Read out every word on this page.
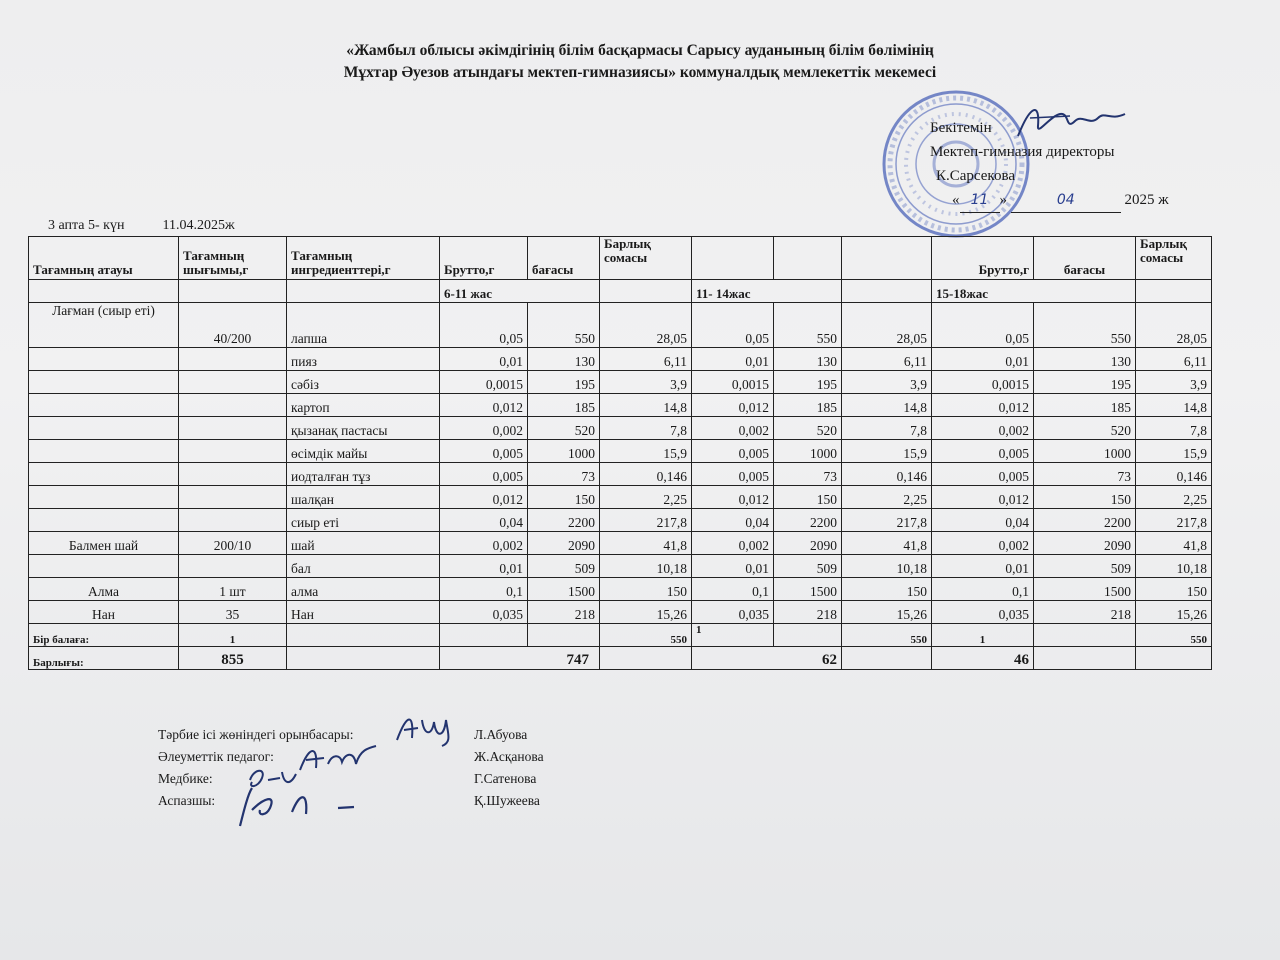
«Жамбыл облысы әкімдігінің білім басқармасы Сарысу ауданының білім бөлімінің
Мұхтар Әуезов атындағы мектеп-гимназиясы» коммуналдық мемлекеттік мекемесі
Бекітемін
Мектеп-гимназия директоры
К.Сарсекова
« 11 »	04	2025 ж
3 апта 5- күн	11.04.2025ж
Тағамның атауы	Тағамның шығымы,г	Тағамның ингредиенттері,г	Брутто,г	бағасы	Барлық сомасы				Брутто,г	бағасы	Барлық сомасы
			6-11 жас			11- 14жас			15-18жас		
Лағман (сиыр еті)	40/200	лапша	0,05	550	28,05	0,05	550	28,05	0,05	550	28,05
		пияз	0,01	130	6,11	0,01	130	6,11	0,01	130	6,11
		сәбіз	0,0015	195	3,9	0,0015	195	3,9	0,0015	195	3,9
		картоп	0,012	185	14,8	0,012	185	14,8	0,012	185	14,8
		қызанақ пастасы	0,002	520	7,8	0,002	520	7,8	0,002	520	7,8
		өсімдік майы	0,005	1000	15,9	0,005	1000	15,9	0,005	1000	15,9
		иодталған тұз	0,005	73	0,146	0,005	73	0,146	0,005	73	0,146
		шалқан	0,012	150	2,25	0,012	150	2,25	0,012	150	2,25
		сиыр еті	0,04	2200	217,8	0,04	2200	217,8	0,04	2200	217,8
Балмен шай	200/10	шай	0,002	2090	41,8	0,002	2090	41,8	0,002	2090	41,8
		бал	0,01	509	10,18	0,01	509	10,18	0,01	509	10,18
Алма	1 шт	алма	0,1	1500	150	0,1	1500	150	0,1	1500	150
Нан	35	Нан	0,035	218	15,26	0,035	218	15,26	0,035	218	15,26
Бір балаға:	1				550	1		550	1		550
Барлығы:	855		747			62			46		
Тәрбие ісі жөніндегі орынбасары:	Л.Абуова
Әлеуметтік педагог:	Ж.Асқанова
Медбике:	Г.Сатенова
Аспазшы:	Қ.Шужеева
